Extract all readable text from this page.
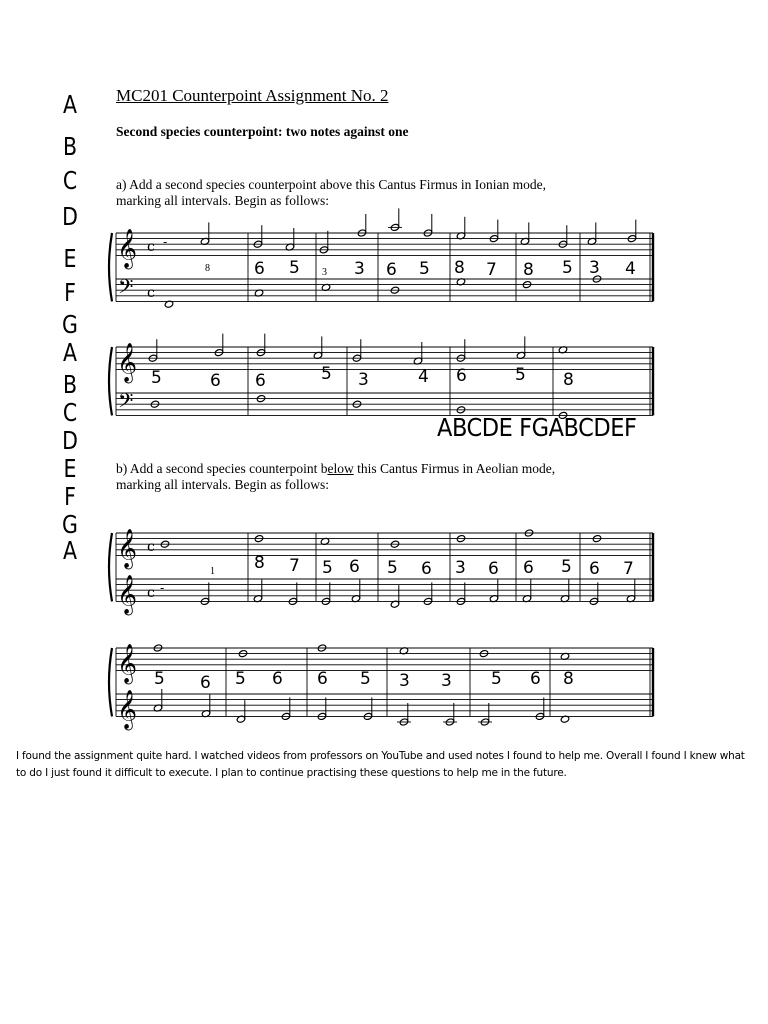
A
B
C
D
E
F
G
A
B
C
D
E
F
G
A
MC201 Counterpoint Assignment No. 2
Second species counterpoint: two notes against one
a) Add a second species counterpoint above this Cantus Firmus in Ionian mode,
marking all intervals. Begin as follows:
ABCDE FGABCDEF
b) Add a second species counterpoint below this Cantus Firmus in Aeolian mode,
marking all intervals. Begin as follows:
I found the assignment quite hard. I watched videos from professors on YouTube and used notes I found to help me. Overall I found I knew what to do I just found it difficult to execute. I plan to continue practising these questions to help me in the future.
𝄞
𝄢
c
c
-
𝄞
𝄢
𝄞
𝄞
c
c -
𝄞
𝄞
8	6 5 3 3 6 5 8 7 8 5 3 4
5	6 6	5 3	4 6	5 8
1 8 7 5 6 5 6 3 6 6 5 6 7
5 6 5 6 6 5 3 3 5 6 8
